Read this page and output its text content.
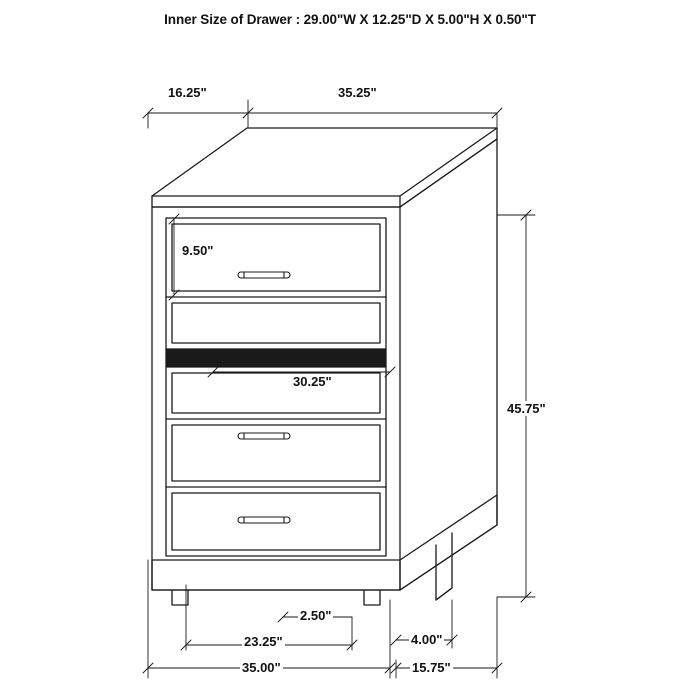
Inner Size of Drawer : 29.00"W X 12.25"D X 5.00"H X 0.50"T
16.25"	35.25"
9.50"
30.25"
45.75"
2.50"
23.25"	4.00"
35.00"	15.75"
